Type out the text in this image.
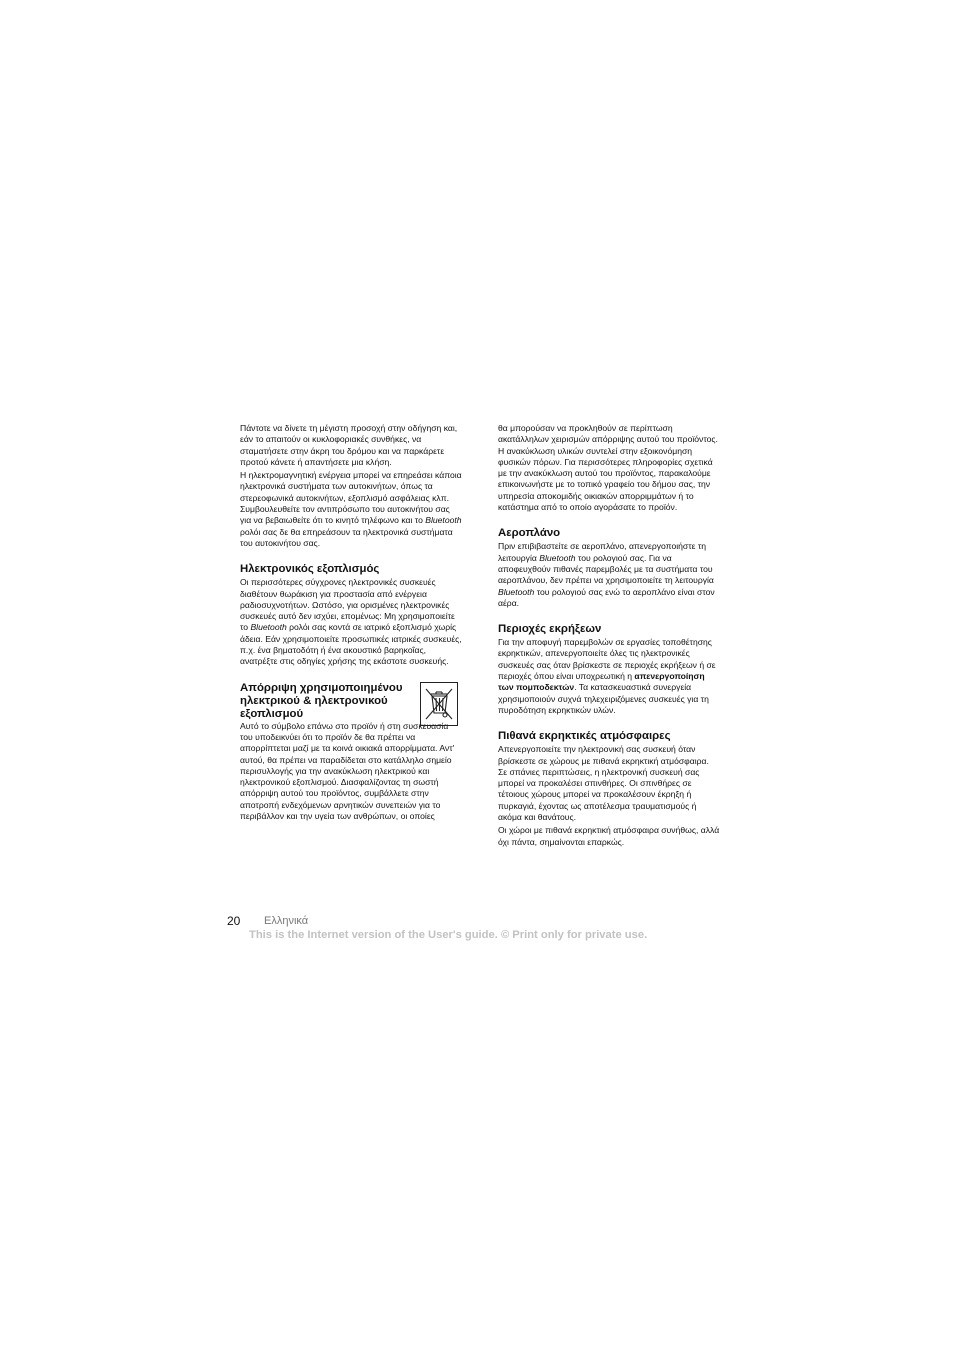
Πάντοτε να δίνετε τη μέγιστη προσοχή στην οδήγηση και, εάν το απαιτούν οι κυκλοφοριακές συνθήκες, να σταματήσετε στην άκρη του δρόμου και να παρκάρετε προτού κάνετε ή απαντήσετε μια κλήση.

Η ηλεκτρομαγνητική ενέργεια μπορεί να επηρεάσει κάποια ηλεκτρονικά συστήματα των αυτοκινήτων, όπως τα στερεοφωνικά αυτοκινήτων, εξοπλισμό ασφάλειας κλπ. Συμβουλευθείτε τον αντιπρόσωπο του αυτοκινήτου σας για να βεβαιωθείτε ότι το κινητό τηλέφωνο και το Bluetooth ρολόι σας δε θα επηρεάσουν τα ηλεκτρονικά συστήματα του αυτοκινήτου σας.

Ηλεκτρονικός εξοπλισμός

Οι περισσότερες σύγχρονες ηλεκτρονικές συσκευές διαθέτουν θωράκιση για προστασία από ενέργεια ραδιοσυχνοτήτων. Ωστόσο, για ορισμένες ηλεκτρονικές συσκευές αυτό δεν ισχύει, επομένως: Μη χρησιμοποιείτε το Bluetooth ρολόι σας κοντά σε ιατρικό εξοπλισμό χωρίς άδεια. Εάν χρησιμοποιείτε προσωπικές ιατρικές συσκευές, π.χ. ένα βηματοδότη ή ένα ακουστικό βαρηκοΐας, ανατρέξτε στις οδηγίες χρήσης της εκάστοτε συσκευής.

Απόρριψη χρησιμοποιημένου ηλεκτρικού & ηλεκτρονικού εξοπλισμού

Αυτό το σύμβολο επάνω στο προϊόν ή στη συσκευασία του υποδεικνύει ότι το προϊόν δε θα πρέπει να απορρίπτεται μαζί με τα κοινά οικιακά απορρίμματα. Αντ' αυτού, θα πρέπει να παραδίδεται στο κατάλληλο σημείο περισυλλογής για την ανακύκλωση ηλεκτρικού και ηλεκτρονικού εξοπλισμού. Διασφαλίζοντας τη σωστή απόρριψη αυτού του προϊόντος, συμβάλλετε στην αποτροπή ενδεχόμενων αρνητικών συνεπειών για το περιβάλλον και την υγεία των ανθρώπων, οι οποίες

θα μπορούσαν να προκληθούν σε περίπτωση ακατάλληλων χειρισμών απόρριψης αυτού του προϊόντος. Η ανακύκλωση υλικών συντελεί στην εξοικονόμηση φυσικών πόρων. Για περισσότερες πληροφορίες σχετικά με την ανακύκλωση αυτού του προϊόντος, παρακαλούμε επικοινωνήστε με το τοπικό γραφείο του δήμου σας, την υπηρεσία αποκομιδής οικιακών απορριμμάτων ή το κατάστημα από το οποίο αγοράσατε το προϊόν.

Αεροπλάνο

Πριν επιβιβαστείτε σε αεροπλάνο, απενεργοποιήστε τη λειτουργία Bluetooth του ρολογιού σας. Για να αποφευχθούν πιθανές παρεμβολές με τα συστήματα του αεροπλάνου, δεν πρέπει να χρησιμοποιείτε τη λειτουργία Bluetooth του ρολογιού σας ενώ το αεροπλάνο είναι στον αέρα.

Περιοχές εκρήξεων

Για την αποφυγή παρεμβολών σε εργασίες τοποθέτησης εκρηκτικών, απενεργοποιείτε όλες τις ηλεκτρονικές συσκευές σας όταν βρίσκεστε σε περιοχές εκρήξεων ή σε περιοχές όπου είναι υποχρεωτική η απενεργοποίηση των πομποδεκτών. Τα κατασκευαστικά συνεργεία χρησιμοποιούν συχνά τηλεχειριζόμενες συσκευές για τη πυροδότηση εκρηκτικών υλών.

Πιθανά εκρηκτικές ατμόσφαιρες

Απενεργοποιείτε την ηλεκτρονική σας συσκευή όταν βρίσκεστε σε χώρους με πιθανά εκρηκτική ατμόσφαιρα. Σε σπάνιες περιπτώσεις, η ηλεκτρονική συσκευή σας μπορεί να προκαλέσει σπινθήρες. Οι σπινθήρες σε τέτοιους χώρους μπορεί να προκαλέσουν έκρηξη ή πυρκαγιά, έχοντας ως αποτέλεσμα τραυματισμούς ή ακόμα και θανάτους.

Οι χώροι με πιθανά εκρηκτική ατμόσφαιρα συνήθως, αλλά όχι πάντα, σημαίνονται επαρκώς.

20 Ελληνικά
This is the Internet version of the User's guide. © Print only for private use.
